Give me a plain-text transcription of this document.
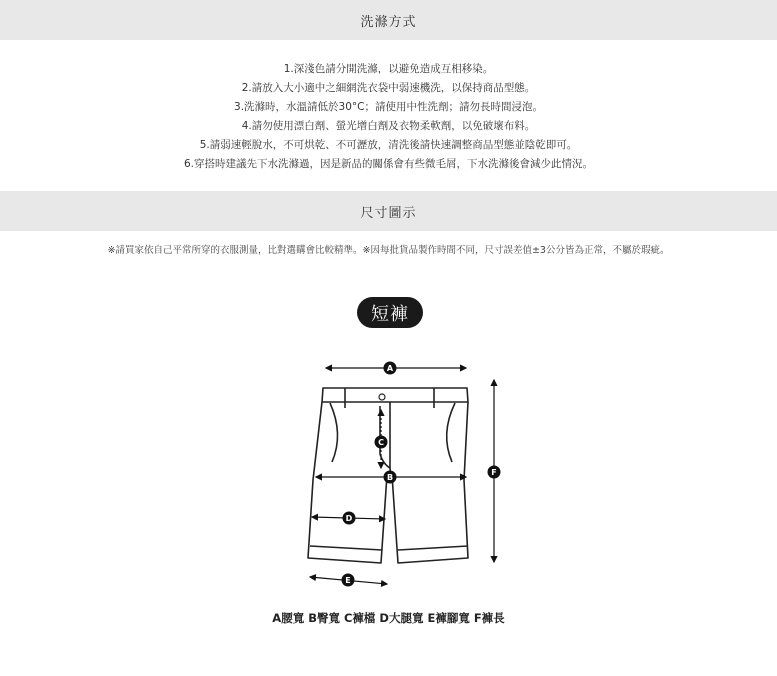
洗滌方式
1.深淺色請分開洗滌，以避免造成互相移染。
2.請放入大小適中之細網洗衣袋中弱速機洗，以保持商品型態。
3.洗滌時，水溫請低於30°C；請使用中性洗劑；請勿長時間浸泡。
4.請勿使用漂白劑、螢光增白劑及衣物柔軟劑，以免破壞布料。
5.請弱速輕脫水，不可烘乾、不可瀝放，清洗後請快速調整商品型態並陰乾即可。
6.穿搭時建議先下水洗滌過，因是新品的關係會有些微毛屑，下水洗滌後會減少此情況。
尺寸圖示
※請買家依自己平常所穿的衣服測量，比對選購會比較精準。※因每批貨品製作時間不同，尺寸誤差值±3公分皆為正常，不屬於瑕疵。
短褲
A
C
B
D
E
F
A腰寬 B臀寬 C褲檔 D大腿寬 E褲腳寬 F褲長
